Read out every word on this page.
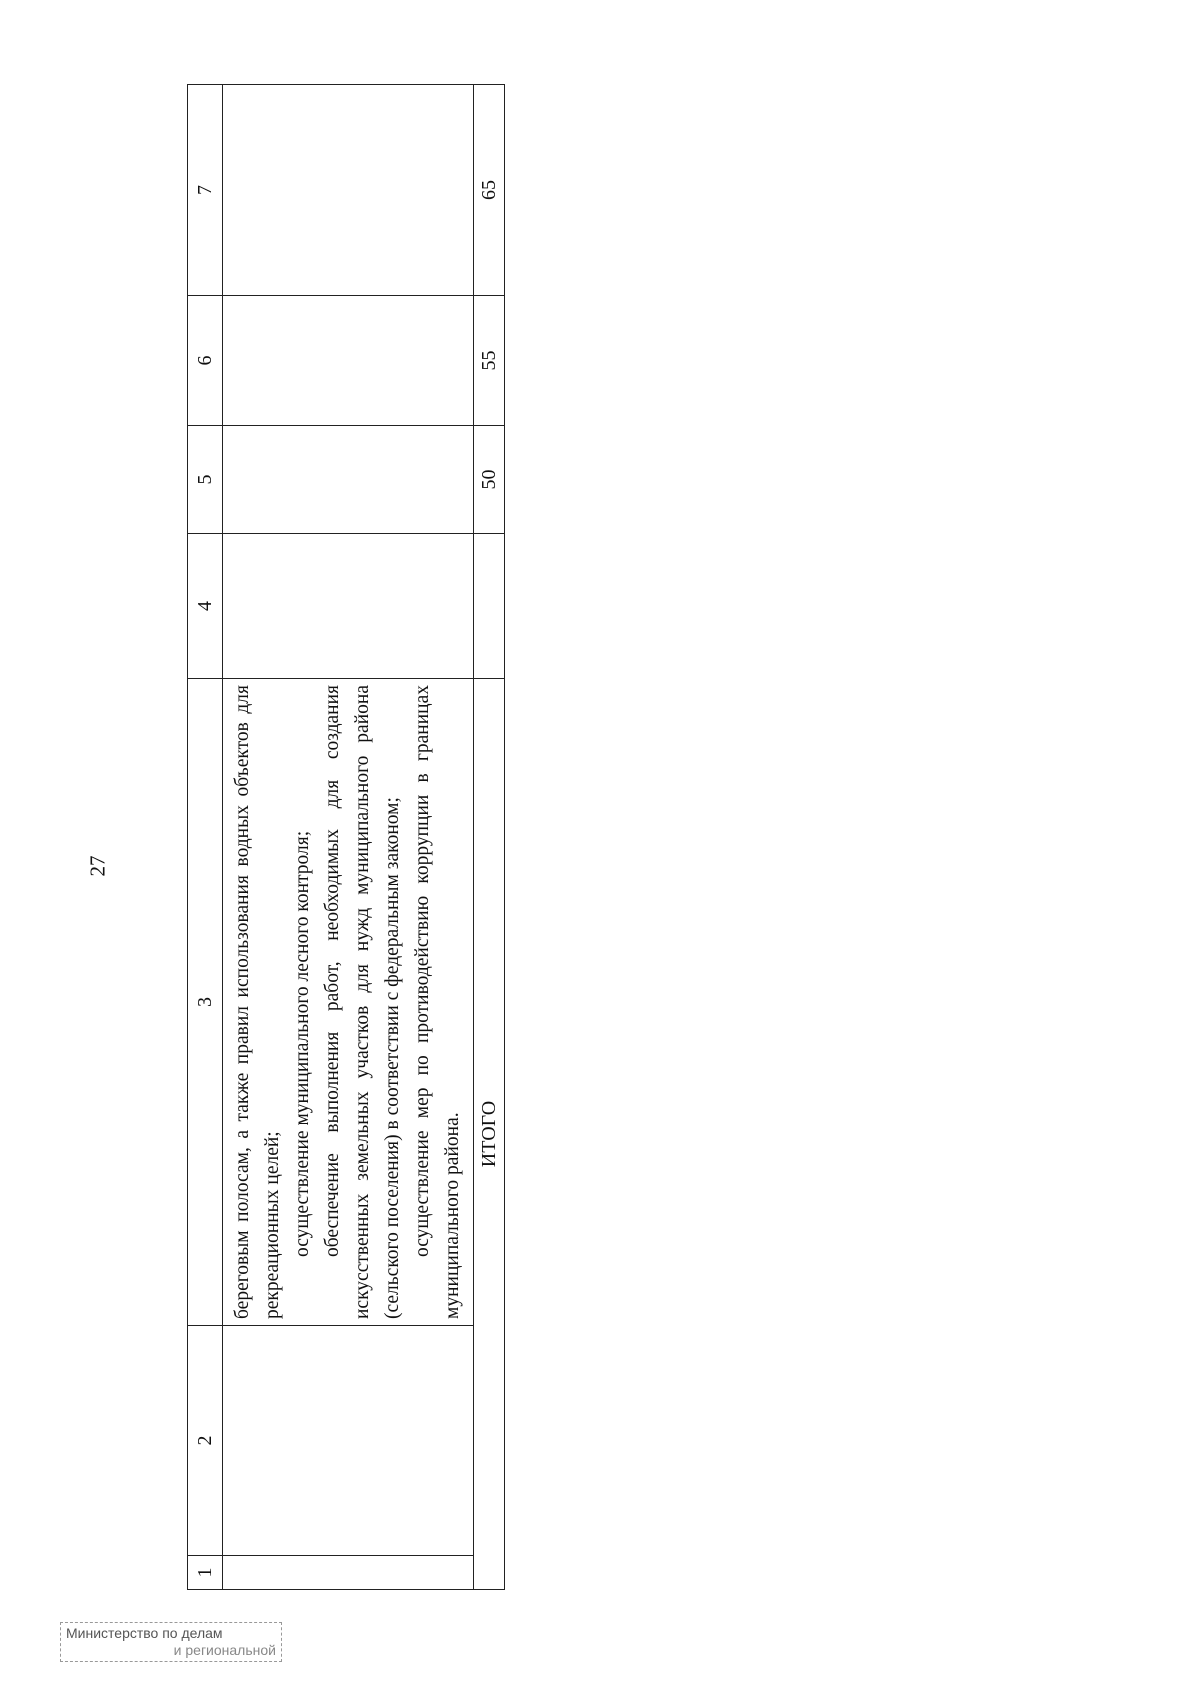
27
1	2	3	4	5	6	7

		береговым полосам, а также правил использования водных объектов для рекреационных целей; осуществление муниципального лесного контроля; обеспечение выполнения работ, необходимых для создания искусственных земельных участков для нужд муниципального района (сельского поселения) в соответствии с федеральным законом; осуществление мер по противодействию коррупции в границах муниципального района.				

ИТОГО				50	55	65
Министерство по делам
и региональной
